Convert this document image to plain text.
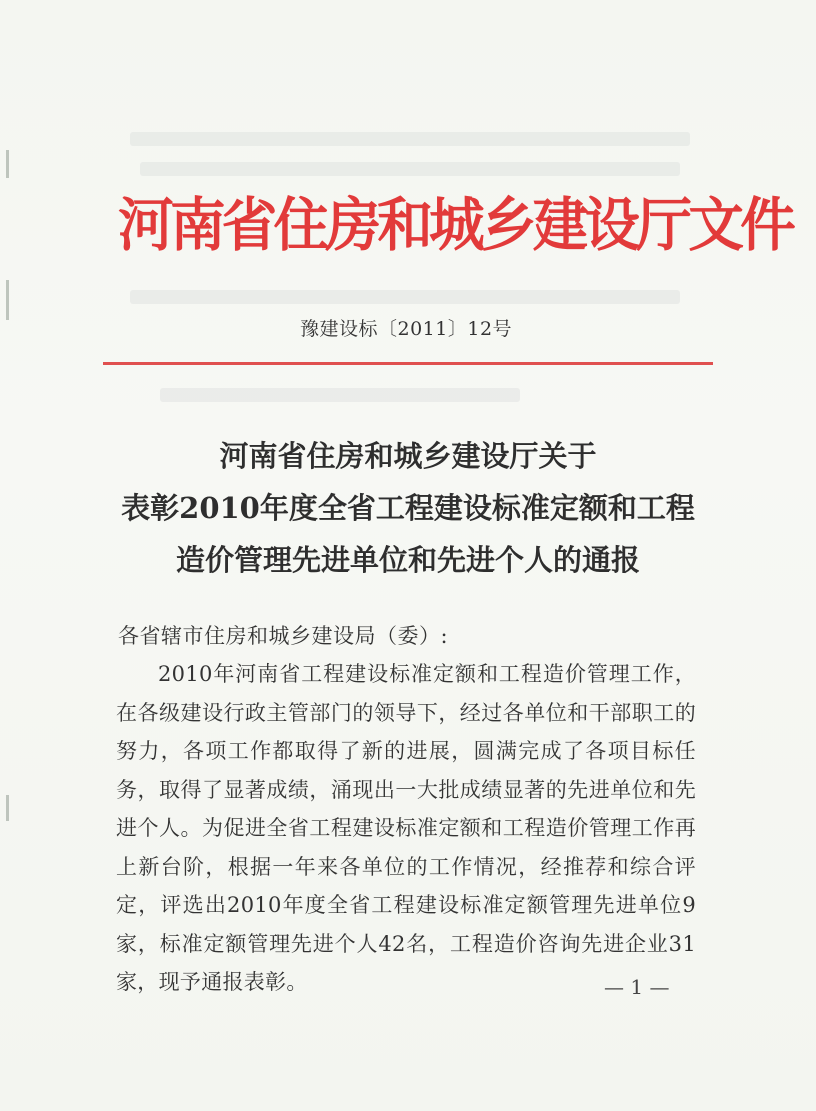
河南省住房和城乡建设厅文件
豫建设标〔2011〕12号
河南省住房和城乡建设厅关于
表彰2010年度全省工程建设标准定额和工程
造价管理先进单位和先进个人的通报
各省辖市住房和城乡建设局（委）:

2010年河南省工程建设标准定额和工程造价管理工作，在各级建设行政主管部门的领导下，经过各单位和干部职工的努力，各项工作都取得了新的进展，圆满完成了各项目标任务，取得了显著成绩，涌现出一大批成绩显著的先进单位和先进个人。为促进全省工程建设标准定额和工程造价管理工作再上新台阶，根据一年来各单位的工作情况，经推荐和综合评定，评选出2010年度全省工程建设标准定额管理先进单位9家，标准定额管理先进个人42名，工程造价咨询先进企业31家，现予通报表彰。	— 1 —
